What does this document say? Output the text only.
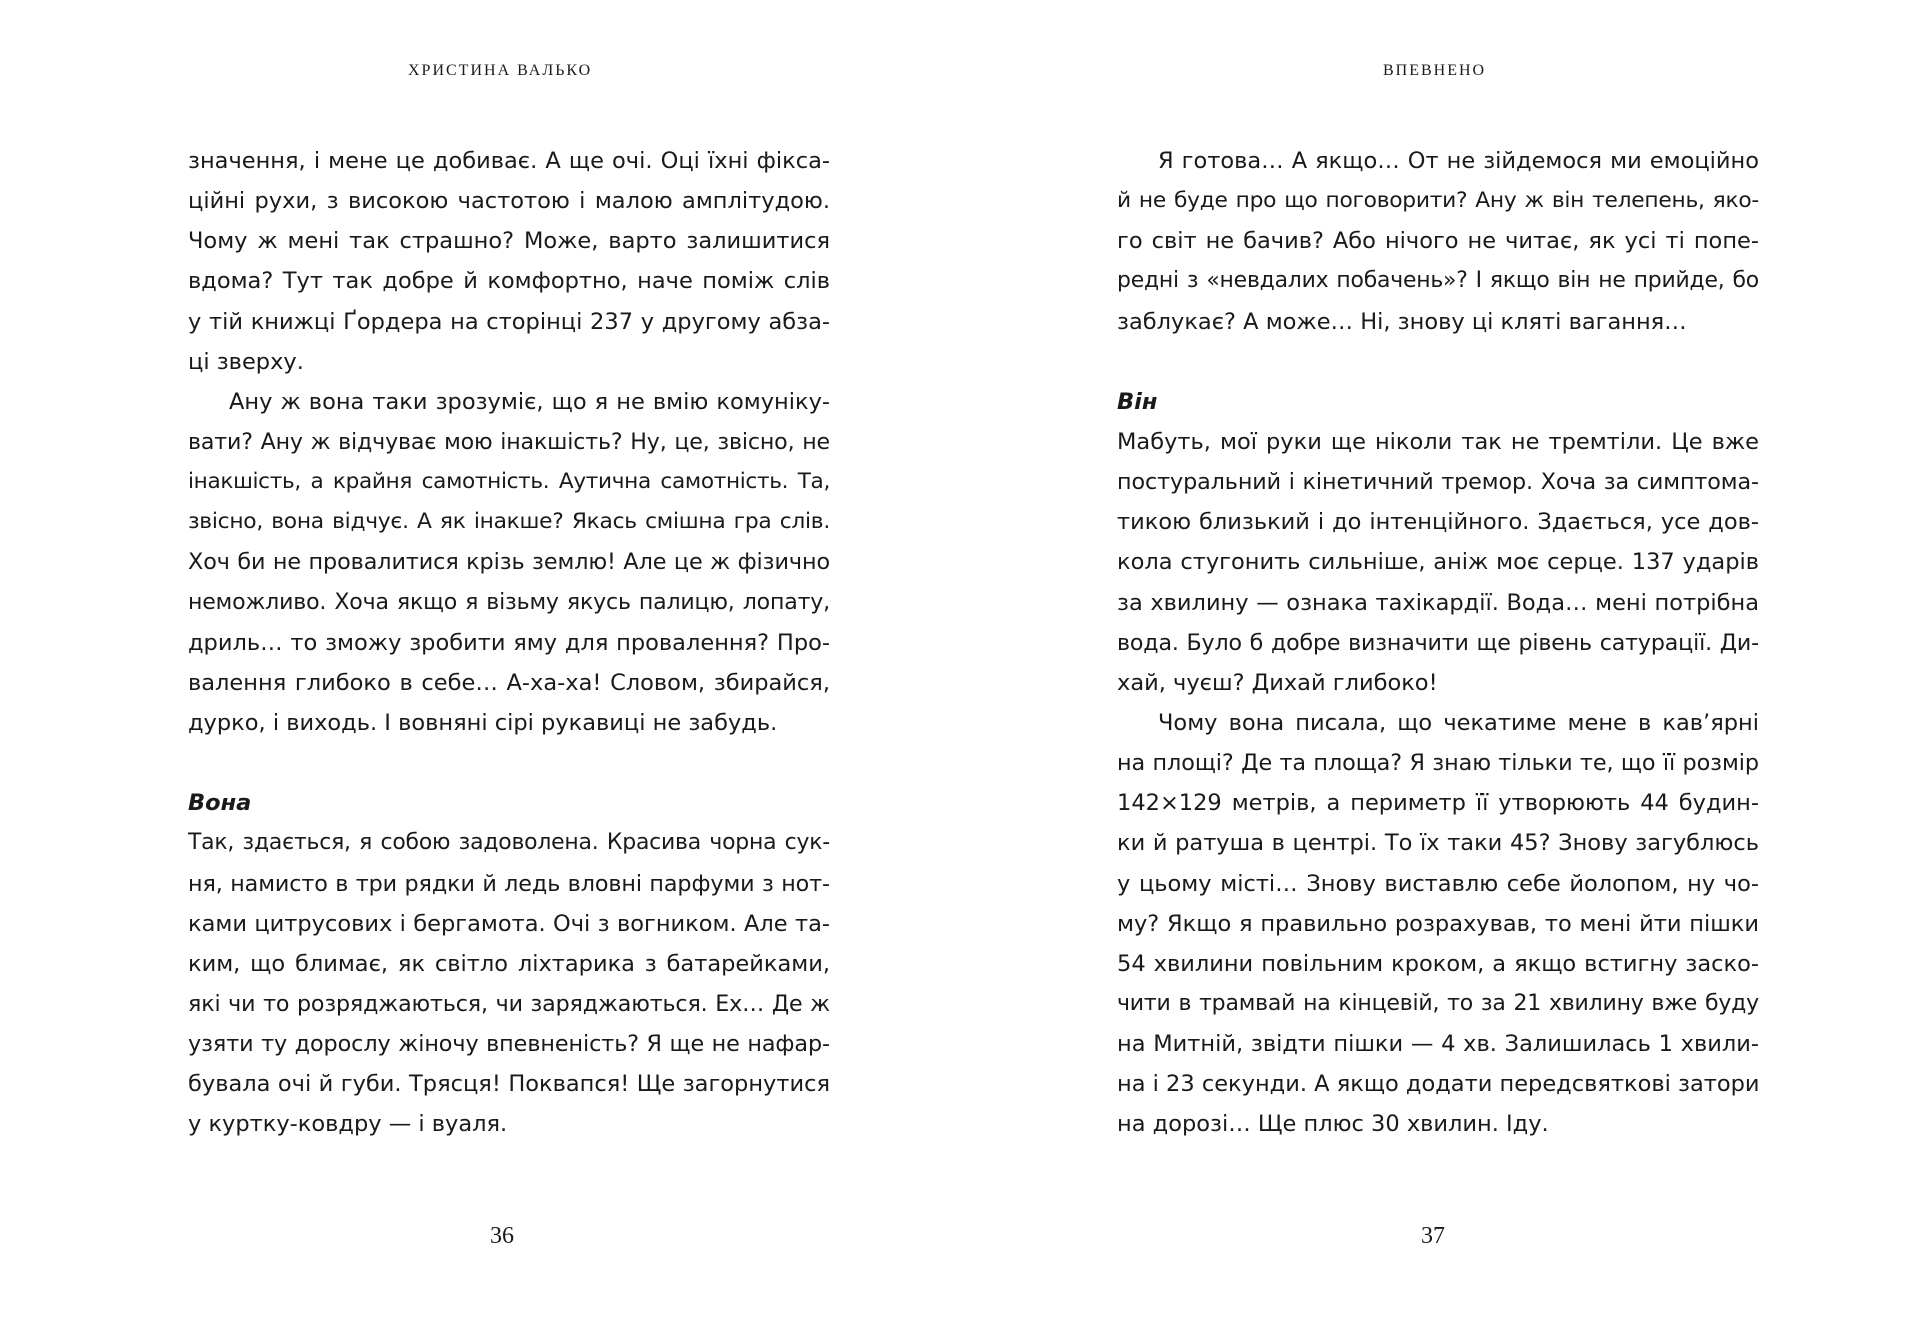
ХРИСТИНА ВАЛЬКО
значення, і мене це добиває. А ще очі. Оці їхні фікса-
ційні рухи, з високою частотою і малою амплітудою.
Чому ж мені так страшно? Може, варто залишитися
вдома? Тут так добре й комфортно, наче поміж слів
у тій книжці Ґордера на сторінці 237 у другому абза-
ці зверху.
Ану ж вона таки зрозуміє, що я не вмію комуніку-
вати? Ану ж відчуває мою інакшість? Ну, це, звісно, не
інакшість, а крайня самотність. Аутична самотність. Та,
звісно, вона відчує. А як інакше? Якась смішна гра слів.
Хоч би не провалитися крізь землю! Але це ж фізично
неможливо. Хоча якщо я візьму якусь палицю, лопату,
дриль… то зможу зробити яму для провалення? Про-
валення глибоко в себе… А-ха-ха! Словом, збирайся,
дурко, і виходь. І вовняні сірі рукавиці не забудь.
Вона
Так, здається, я собою задоволена. Красива чорна сук-
ня, намисто в три рядки й ледь вловні парфуми з нот-
ками цитрусових і бергамота. Очі з вогником. Але та-
ким, що блимає, як світло ліхтарика з батарейками,
які чи то розряджаються, чи заряджаються. Ех… Де ж
узяти ту дорослу жіночу впевненість? Я ще не нафар-
бувала очі й губи. Трясця! Поквапся! Ще загорнутися
у куртку-ковдру — і вуаля.
36
ВПЕВНЕНО
Я готова… А якщо… От не зійдемося ми емоційно
й не буде про що поговорити? Ану ж він телепень, яко-
го світ не бачив? Або нічого не читає, як усі ті попе-
редні з «невдалих побачень»? І якщо він не прийде, бо
заблукає? А може… Ні, знову ці кляті вагання…
Він
Мабуть, мої руки ще ніколи так не тремтіли. Це вже
постуральний і кінетичний тремор. Хоча за симптома-
тикою близький і до інтенційного. Здається, усе дов-
кола стугонить сильніше, аніж моє серце. 137 ударів
за хвилину — ознака тахікардії. Вода… мені потрібна
вода. Було б добре визначити ще рівень сатурації. Ди-
хай, чуєш? Дихай глибоко!
Чому вона писала, що чекатиме мене в кав’ярні
на площі? Де та площа? Я знаю тільки те, що її розмір
142×129 метрів, а периметр її утворюють 44 будин-
ки й ратуша в центрі. То їх таки 45? Знову загублюсь
у цьому місті… Знову виставлю себе йолопом, ну чо-
му? Якщо я правильно розрахував, то мені йти пішки
54 хвилини повільним кроком, а якщо встигну заско-
чити в трамвай на кінцевій, то за 21 хвилину вже буду
на Митній, звідти пішки — 4 хв. Залишилась 1 хвили-
на і 23 секунди. А якщо додати передсвяткові затори
на дорозі… Ще плюс 30 хвилин. Іду.
37
